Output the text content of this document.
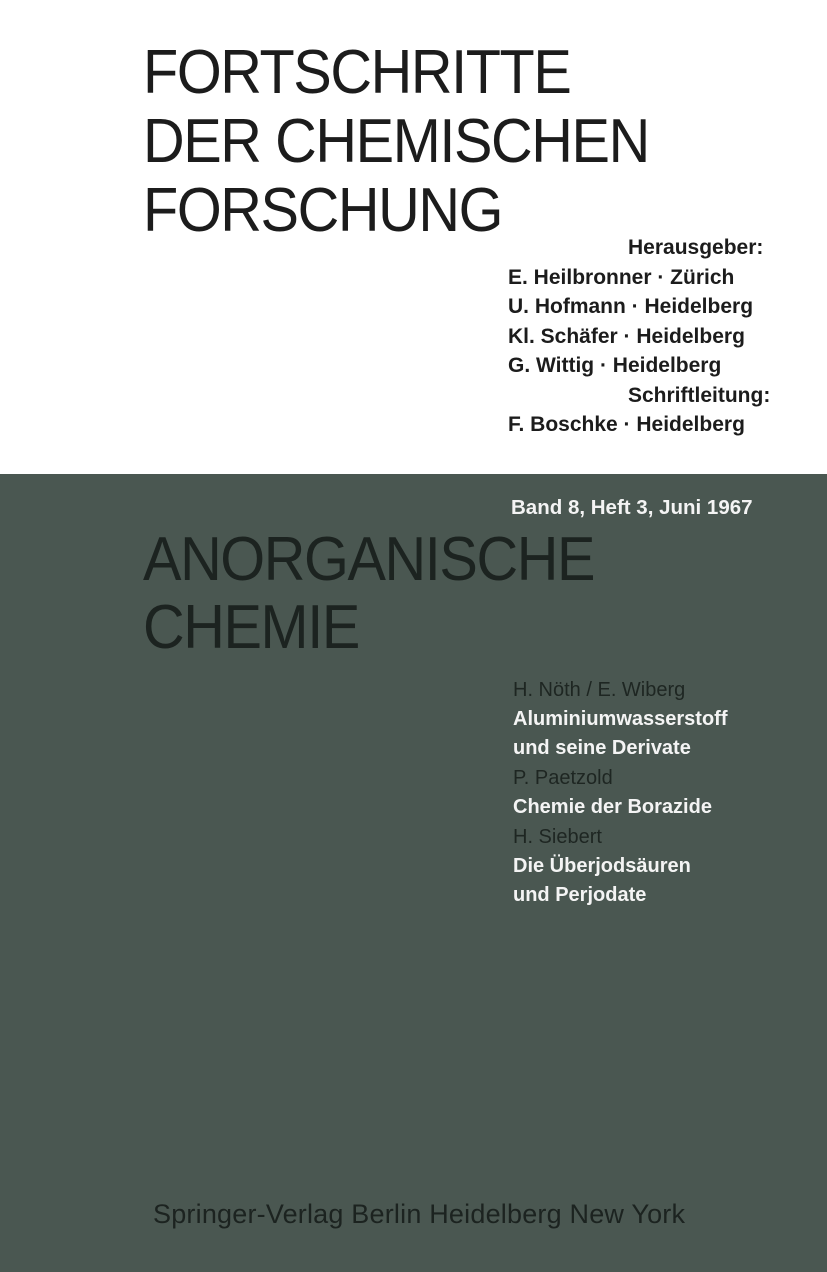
FORTSCHRITTE
DER CHEMISCHEN
FORSCHUNG
Herausgeber:
E. Heilbronner · Zürich
U. Hofmann · Heidelberg
Kl. Schäfer · Heidelberg
G. Wittig · Heidelberg
Schriftleitung:
F. Boschke · Heidelberg
Band 8, Heft 3, Juni 1967
ANORGANISCHE
CHEMIE
H. Nöth / E. Wiberg
Aluminiumwasserstoff
und seine Derivate
P. Paetzold
Chemie der Borazide
H. Siebert
Die Überjodsäuren
und Perjodate
Springer-Verlag Berlin Heidelberg New York
